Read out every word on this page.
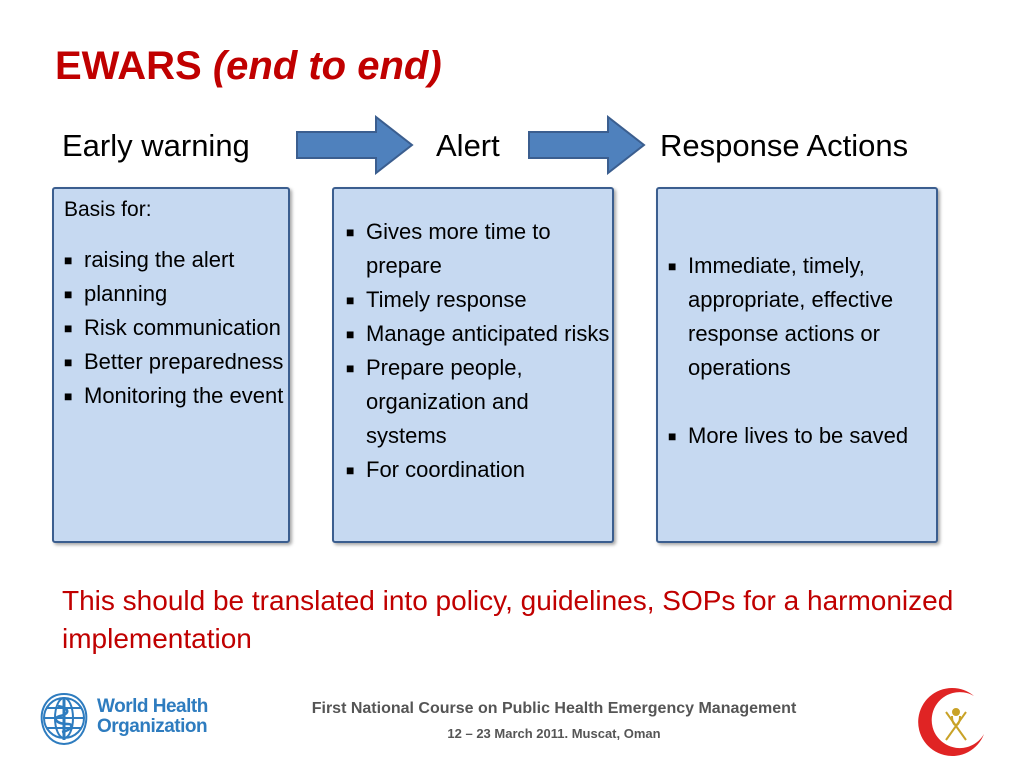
EWARS (end to end)
Early warning	Alert	Response Actions
Basis for:
■ raising the alert
■ planning
■ Risk communication
■ Better preparedness
■ Monitoring the event
■ Gives more time to prepare
■ Timely response
■ Manage anticipated risks
■ Prepare people, organization and systems
■ For coordination
■ Immediate, timely, appropriate, effective response actions or operations
■ More lives to be saved
This should be translated into policy, guidelines, SOPs for a harmonized implementation
World Health
Organization
First National Course on Public Health Emergency Management
12 – 23 March 2011. Muscat, Oman
